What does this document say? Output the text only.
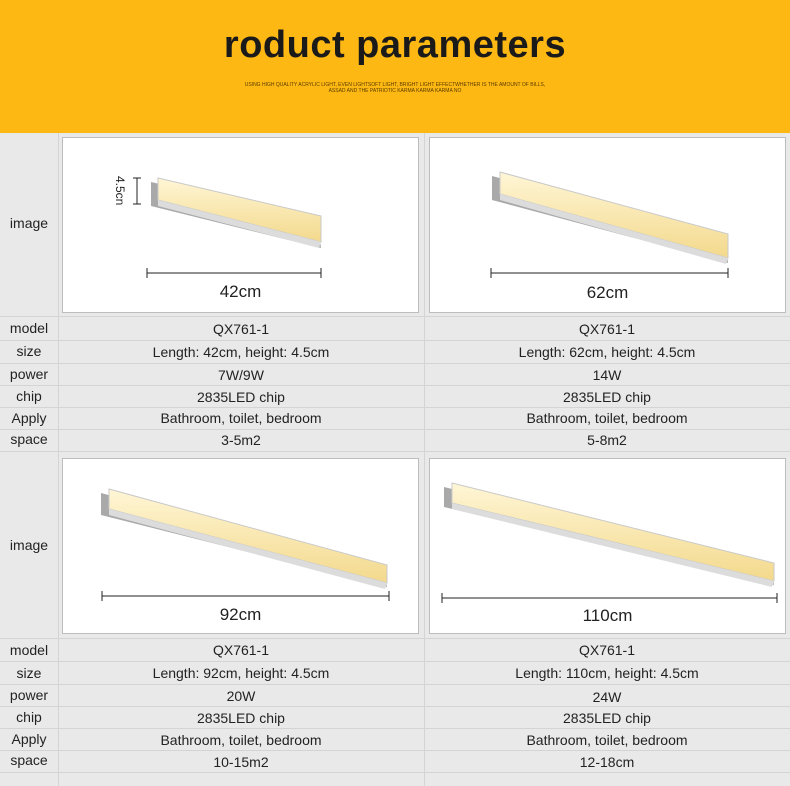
roduct parameters
USING HIGH QUALITY ACRYLIC LIGHT, EVEN LIGHTSOFT LIGHT, BRIGHT LIGHT EFFECTWHETHER IS THE AMOUNT OF BILLS,
ASSAD AND THE PATRIOTIC KARMA KARMA KARMA NO
image
4.5cn
42cm	62cm
model
size
power
chip
Apply
space
QX761-1
Length: 42cm, height: 4.5cm
7W/9W
2835LED chip
Bathroom, toilet, bedroom
3-5m2
QX761-1
Length: 62cm, height: 4.5cm
14W
2835LED chip
Bathroom, toilet, bedroom
5-8m2
image
92cm	110cm
model
size
power
chip
Apply
space
QX761-1
Length: 92cm, height: 4.5cm
20W
2835LED chip
Bathroom, toilet, bedroom
10-15m2
QX761-1
Length: 110cm, height: 4.5cm
24W
2835LED chip
Bathroom, toilet, bedroom
12-18cm
